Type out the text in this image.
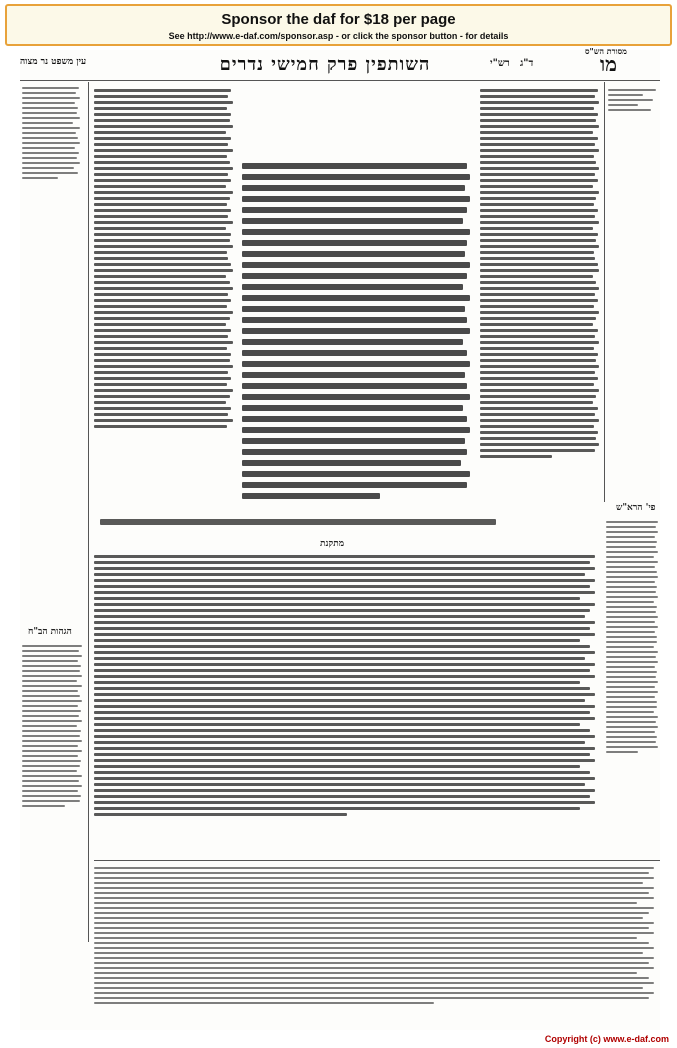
Sponsor the daf for $18 per page
See http://www.e-daf.com/sponsor.asp - or click the sponsor button - for details
עין משפט נר מצוה	השותפין פרק חמישי נדרים	רש"י	מו
ד"ג
מסורת הש"ס
הגהות הב"ח
מתקנת
פי' הרא"ש
Copyright (c) www.e-daf.com
